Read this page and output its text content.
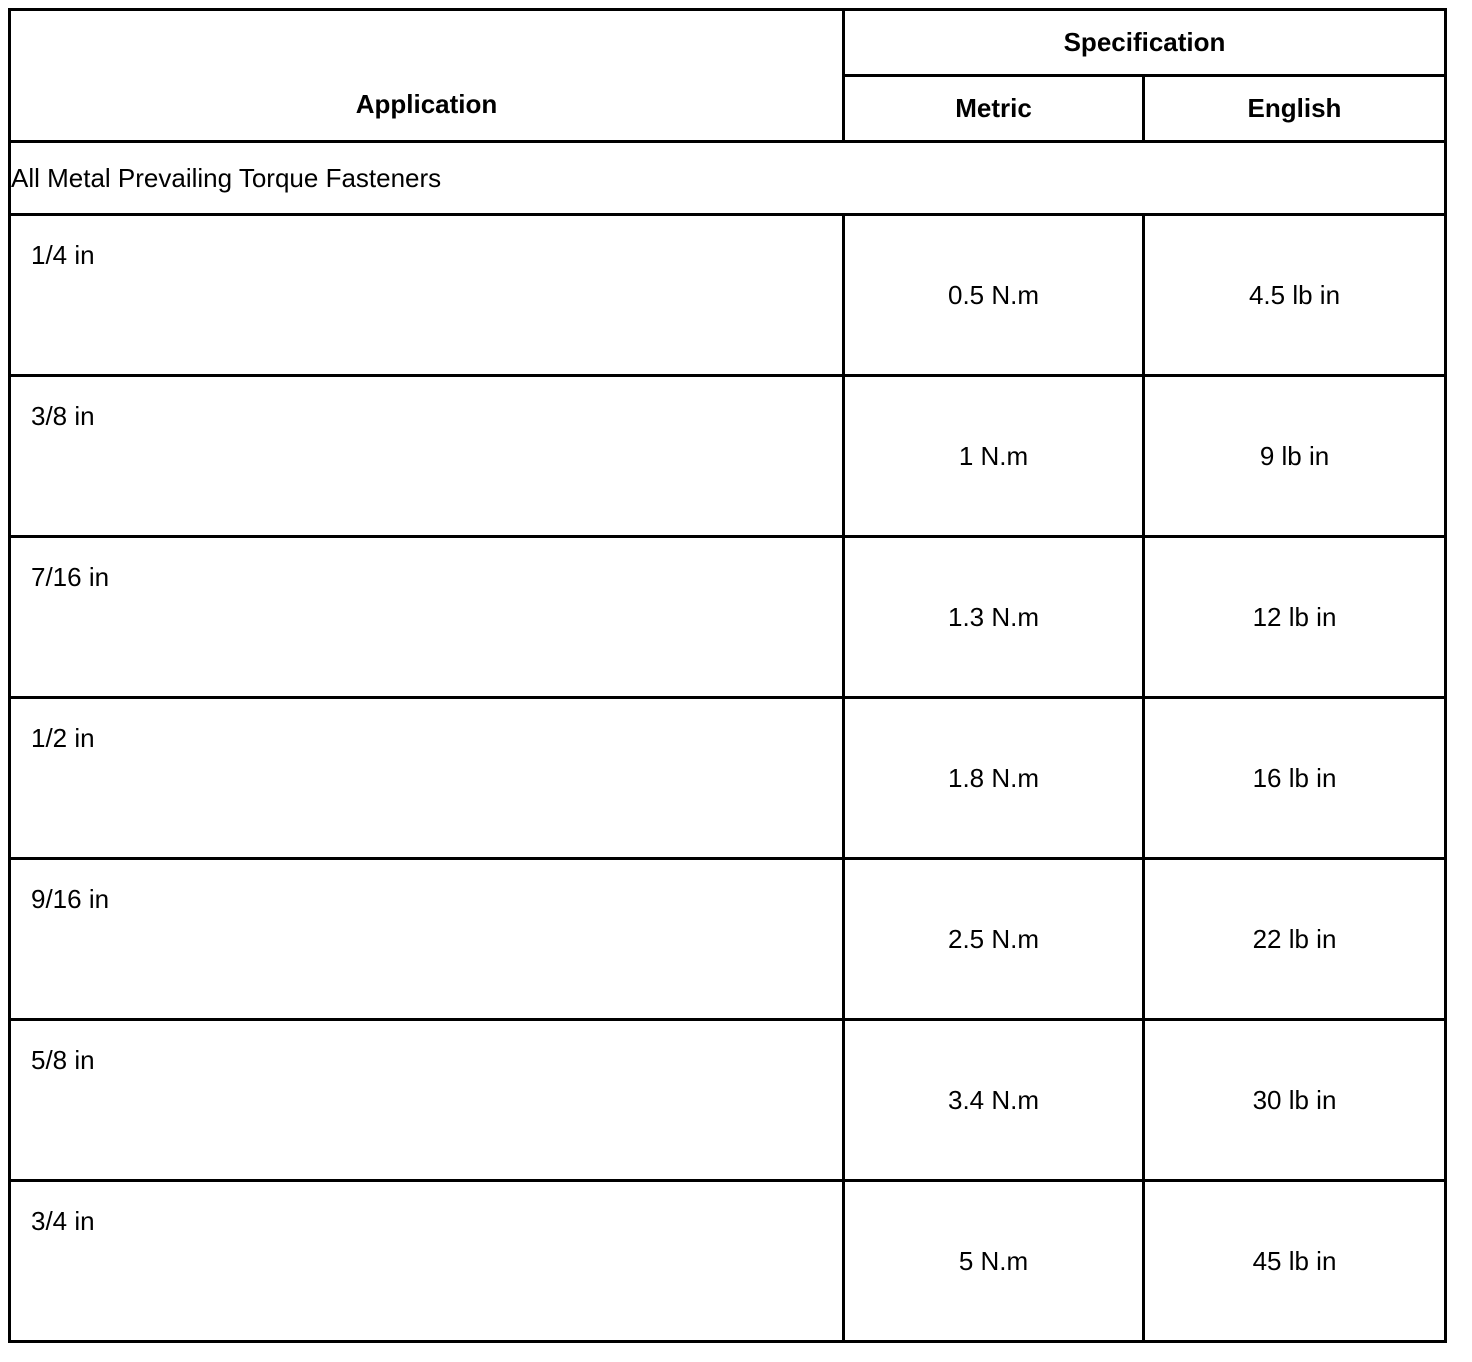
Application	Specification	
	Metric	English
All Metal Prevailing Torque Fasteners		
1/4 in	0.5 N.m	4.5 lb in
3/8 in	1 N.m	9 lb in
7/16 in	1.3 N.m	12 lb in
1/2 in	1.8 N.m	16 lb in
9/16 in	2.5 N.m	22 lb in
5/8 in	3.4 N.m	30 lb in
3/4 in	5 N.m	45 lb in
